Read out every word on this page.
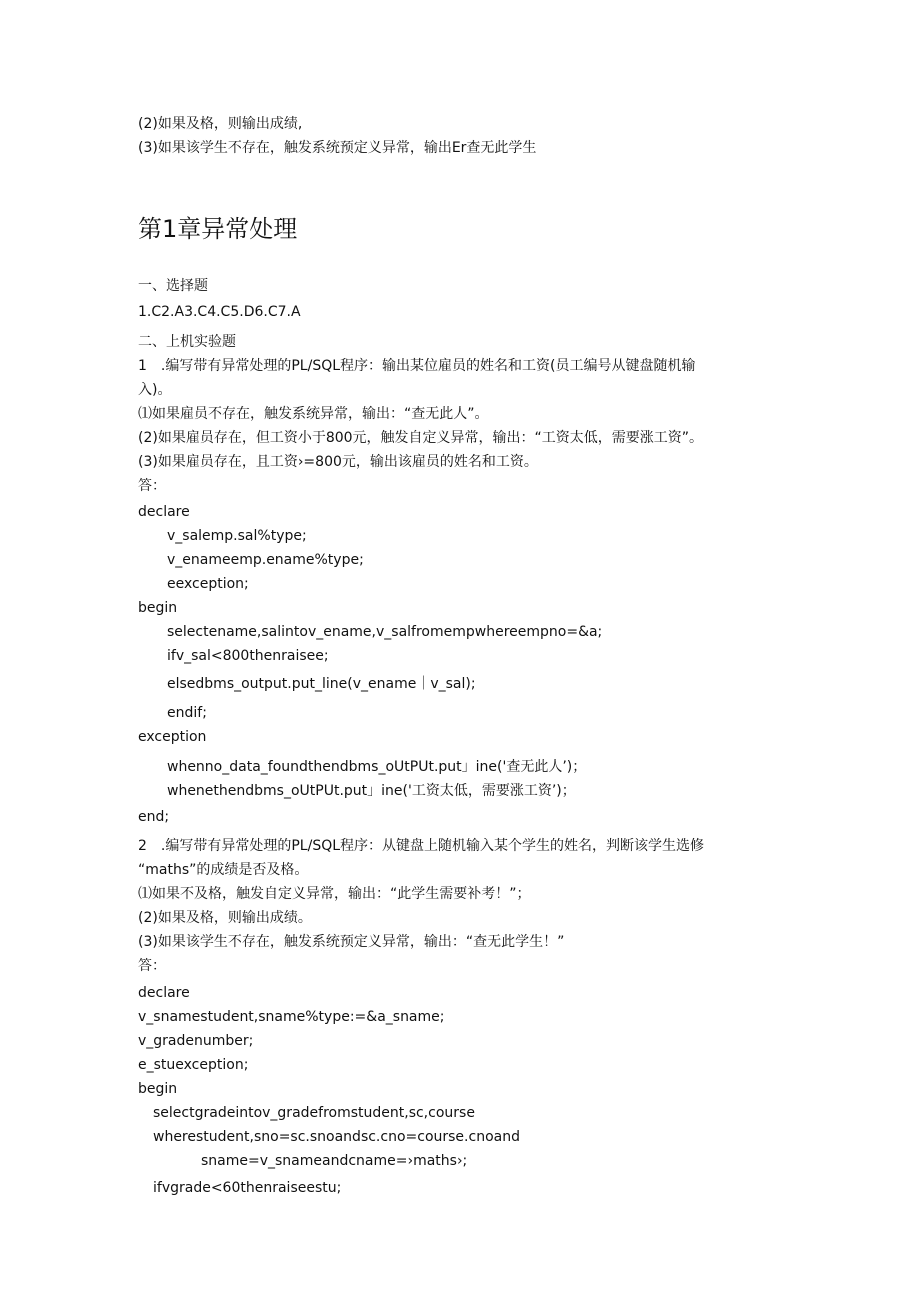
(2)如果及格，则输出成绩,
(3)如果该学生不存在，触发系统预定义异常，输出Er查无此学生
第1章异常处理
一、选择题
1.C2.A3.C4.C5.D6.C7.A
二、上机实验题
1　.编写带有异常处理的PL/SQL程序：输出某位雇员的姓名和工资(员工编号从键盘随机输
入)。
⑴如果雇员不存在，触发系统异常，输出：“查无此人”。
(2)如果雇员存在，但工资小于800元，触发自定义异常，输出：“工资太低，需要涨工资”。
(3)如果雇员存在，且工资›=800元，输出该雇员的姓名和工资。
答：
declare
v_salemp.sal%type;
v_enameemp.ename%type;
eexception;
begin
selectename,salintov_ename,v_salfromempwhereempno=&a;
ifv_sal<800thenraisee;
elsedbms_output.put_line(v_ename｜v_sal);
endif;
exception
whenno_data_foundthendbms_oUtPUt.put」ine('查无此人’)；
whenethendbms_oUtPUt.put」ine('工资太低，需要涨工资’)；
end;
2　.编写带有异常处理的PL/SQL程序：从键盘上随机输入某个学生的姓名，判断该学生选修
“maths”的成绩是否及格。
⑴如果不及格，触发自定义异常，输出：“此学生需要补考！”；
(2)如果及格，则输出成绩。
(3)如果该学生不存在，触发系统预定义异常，输出：“查无此学生！”
答：
declare
v_snamestudent,sname%type:=&a_sname;
v_gradenumber;
e_stuexception;
begin
selectgradeintov_gradefromstudent,sc,course
wherestudent,sno=sc.snoandsc.cno=course.cnoand
sname=v_snameandcname=›maths›;
ifvgrade<60thenraiseestu;
